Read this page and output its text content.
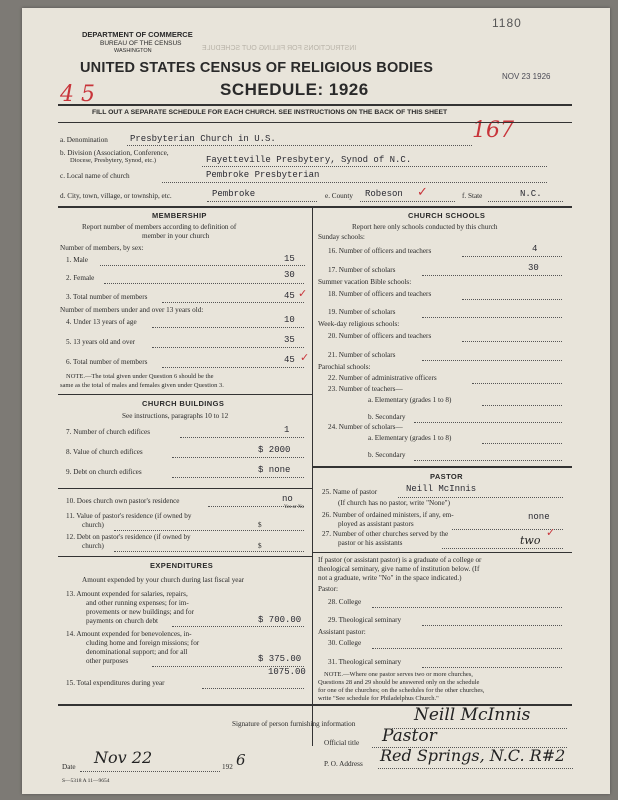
DEPARTMENT OF COMMERCE
BUREAU OF THE CENSUS
WASHINGTON
1180
INSTRUCTIONS FOR FILLING OUT SCHEDULE
UNITED STATES CENSUS OF RELIGIOUS BODIES
SCHEDULE: 1926
NOV 23 1926
4 5
167
FILL OUT A SEPARATE SCHEDULE FOR EACH CHURCH. SEE INSTRUCTIONS ON THE BACK OF THIS SHEET
a. Denomination Presbyterian Church in U.S.
b. Division (Association, Conference,
Diocese, Presbytery, Synod, etc.)	Fayetteville Presbytery, Synod of N.C.
c. Local name of church	Pembroke Presbyterian
d. City, town, village, or township, etc.	Pembroke	e. County Robeson ✓	f. State	N.C.
MEMBERSHIP
Report number of members according to definition of
member in your church
Number of members, by sex:
1. Male	15
2. Female	30
3. Total number of members	45 ✓
Number of members under and over 13 years old:
4. Under 13 years of age	10
5. 13 years old and over	35
6. Total number of members	45 ✓
NOTE.—The total given under Question 6 should be the
same as the total of males and females given under Question 3.
CHURCH BUILDINGS
See instructions, paragraphs 10 to 12
7. Number of church edifices	1
8. Value of church edifices	$ 2000
9. Debt on church edifices	$ none
10. Does church own pastor's residence	no
Yes or No
11. Value of pastor's residence (if owned by
church)	$
12. Debt on pastor's residence (if owned by
church)	$
EXPENDITURES
Amount expended by your church during last fiscal year
13. Amount expended for salaries, repairs,
and other running expenses; for im-
provements or new buildings; and for
payments on church debt	$ 700.00
14. Amount expended for benevolences, in-
cluding home and foreign missions; for
denominational support; and for all
other purposes	$ 375.00
15. Total expenditures during year
1075.00
CHURCH SCHOOLS
Report here only schools conducted by this church
Sunday schools:
16. Number of officers and teachers	4
17. Number of scholars	30
Summer vacation Bible schools:
18. Number of officers and teachers
19. Number of scholars
Week-day religious schools:
20. Number of officers and teachers
21. Number of scholars
Parochial schools:
22. Number of administrative officers
23. Number of teachers—
a. Elementary (grades 1 to 8)
b. Secondary
24. Number of scholars—
a. Elementary (grades 1 to 8)
b. Secondary
PASTOR
25. Name of pastor	Neill McInnis
(If church has no pastor, write "None")
26. Number of ordained ministers, if any, em-
ployed as assistant pastors
none
27. Number of other churches served by the
pastor or his assistants	two
✓
If pastor (or assistant pastor) is a graduate of a college or
theological seminary, give name of institution below. (If
not a graduate, write "No" in the space indicated.)
Pastor:
28. College
29. Theological seminary
Assistant pastor:
30. College
31. Theological seminary
NOTE.—Where one pastor serves two or more churches,
Questions 28 and 29 should be answered only on the schedule
for one of the churches; on the schedules for the other churches,
write "See schedule for Philadelphus Church."
Signature of person furnishing information	Neill McInnis
Official title Pastor
Date Nov 22	192 6	P. O. Address Red Springs, N.C. R#2
S—5318 A 11—9654
